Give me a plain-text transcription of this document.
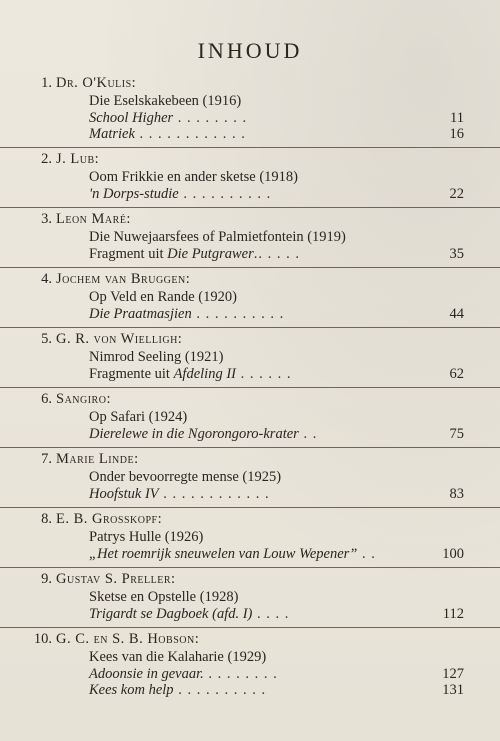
INHOUD
1. Dr. O'Kulis:
Die Eselskakebeen (1916)
School Higher . . . . . . . .	11
Matriek . . . . . . . . . . . .	16
2. J. Lub:
Oom Frikkie en ander sketse (1918)
'n Dorps-studie . . . . . . . . . .	22
3. Leon Maré:
Die Nuwejaarsfees of Palmietfontein (1919)
Fragment uit Die Putgrawer.. . . . .	35
4. Jochem van Bruggen:
Op Veld en Rande (1920)
Die Praatmasjien . . . . . . . . . .	44
5. G. R. von Wielligh:
Nimrod Seeling (1921)
Fragmente uit Afdeling II . . . . . .	62
6. Sangiro:
Op Safari (1924)
Dierelewe in die Ngorongoro-krater . .	75
7. Marie Linde:
Onder bevoorregte mense (1925)
Hoofstuk IV . . . . . . . . . . . .	83
8. E. B. Grosskopf:
Patrys Hulle (1926)
„Het roemrijk sneuwelen van Louw Wepener” . .	100
9. Gustav S. Preller:
Sketse en Opstelle (1928)
Trigardt se Dagboek (afd. I) . . . .	112
10. G. C. en S. B. Hobson:
Kees van die Kalaharie (1929)
Adoonsie in gevaar. . . . . . . . .	127
Kees kom help . . . . . . . . . .	131
